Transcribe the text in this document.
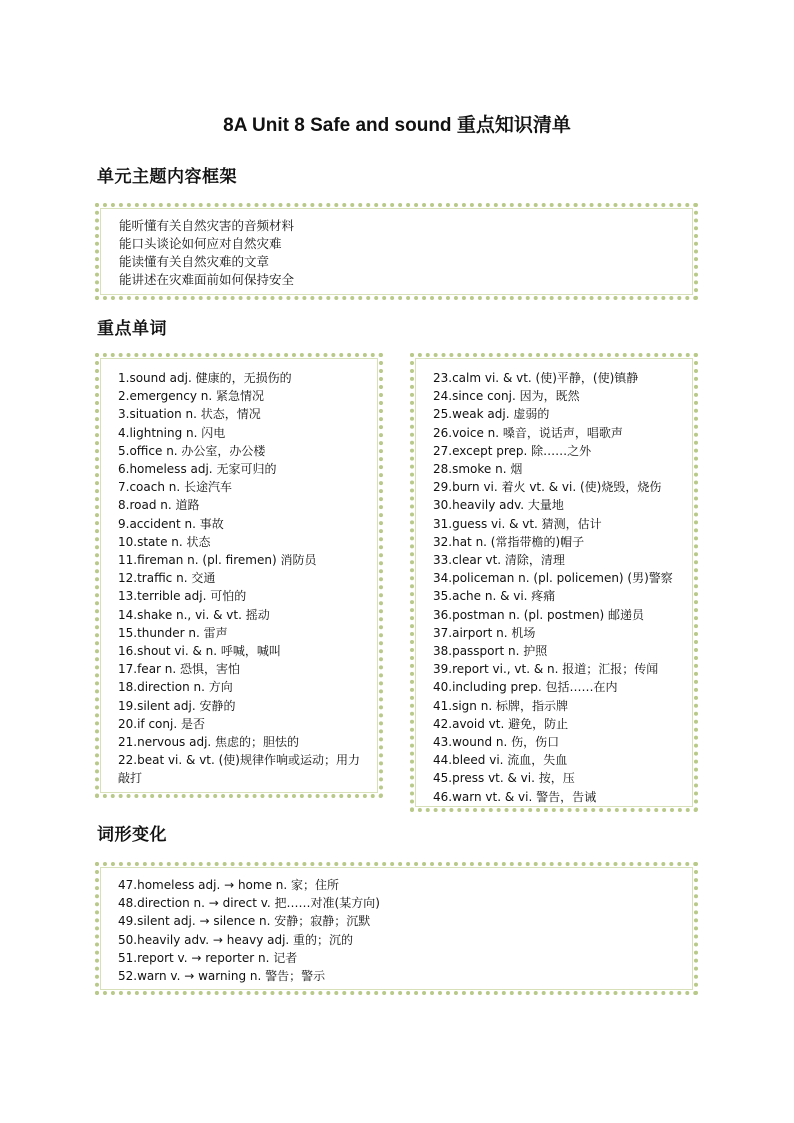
8A Unit 8 Safe and sound 重点知识清单
单元主题内容框架
能听懂有关自然灾害的音频材料
能口头谈论如何应对自然灾难
能读懂有关自然灾难的文章
能讲述在灾难面前如何保持安全
重点单词
1.sound adj. 健康的，无损伤的
2.emergency n. 紧急情况
3.situation n. 状态，情况
4.lightning n. 闪电
5.office n. 办公室，办公楼
6.homeless adj. 无家可归的
7.coach n. 长途汽车
8.road n. 道路
9.accident n. 事故
10.state n. 状态
11.fireman n. (pl. firemen) 消防员
12.traffic n. 交通
13.terrible adj. 可怕的
14.shake n., vi. & vt. 摇动
15.thunder n. 雷声
16.shout vi. & n. 呼喊，喊叫
17.fear n. 恐惧，害怕
18.direction n. 方向
19.silent adj. 安静的
20.if conj. 是否
21.nervous adj. 焦虑的；胆怯的
22.beat vi. & vt. (使)规律作响或运动；用力敲打
23.calm vi. & vt. (使)平静，(使)镇静
24.since conj. 因为，既然
25.weak adj. 虚弱的
26.voice n. 嗓音，说话声，唱歌声
27.except prep. 除……之外
28.smoke n. 烟
29.burn vi. 着火 vt. & vi. (使)烧毁，烧伤
30.heavily adv. 大量地
31.guess vi. & vt. 猜测，估计
32.hat n. (常指带檐的)帽子
33.clear vt. 清除，清理
34.policeman n. (pl. policemen) (男)警察
35.ache n. & vi. 疼痛
36.postman n. (pl. postmen) 邮递员
37.airport n. 机场
38.passport n. 护照
39.report vi., vt. & n. 报道；汇报；传闻
40.including prep. 包括……在内
41.sign n. 标牌，指示牌
42.avoid vt. 避免，防止
43.wound n. 伤，伤口
44.bleed vi. 流血，失血
45.press vt. & vi. 按，压
46.warn vt. & vi. 警告，告诫
词形变化
47.homeless adj. → home n. 家；住所
48.direction n. → direct v. 把……对准(某方向)
49.silent adj. → silence n. 安静；寂静；沉默
50.heavily adv. → heavy adj. 重的；沉的
51.report v. → reporter n. 记者
52.warn v. → warning n. 警告；警示
